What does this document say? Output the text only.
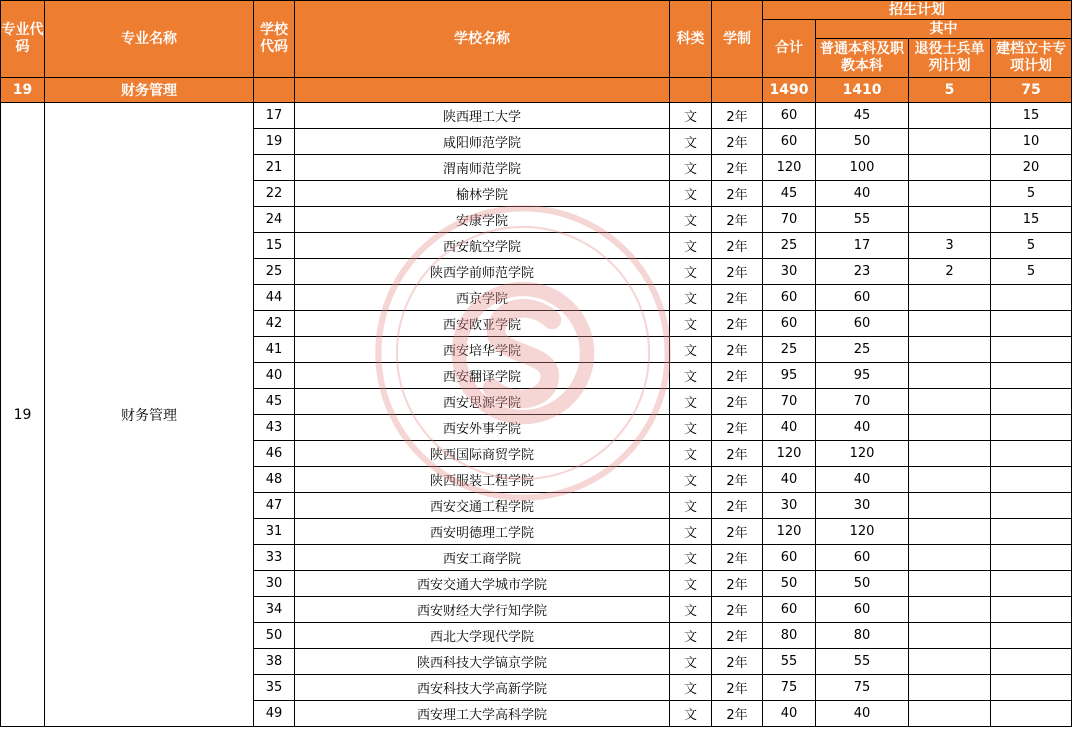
专业代码	专业名称	学校代码	学校名称	科类	学制	招生计划			
						合计	其中		
							普通本科及职教本科	退役士兵单列计划	建档立卡专项计划
19	财务管理					1490	1410	5	75
19	财务管理	17	陕西理工大学	文	2年	60	45		15
		19	咸阳师范学院	文	2年	60	50		10
		21	渭南师范学院	文	2年	120	100		20
		22	榆林学院	文	2年	45	40		5
		24	安康学院	文	2年	70	55		15
		15	西安航空学院	文	2年	25	17	3	5
		25	陕西学前师范学院	文	2年	30	23	2	5
		44	西京学院	文	2年	60	60		
		42	西安欧亚学院	文	2年	60	60		
		41	西安培华学院	文	2年	25	25		
		40	西安翻译学院	文	2年	95	95		
		45	西安思源学院	文	2年	70	70		
		43	西安外事学院	文	2年	40	40		
		46	陕西国际商贸学院	文	2年	120	120		
		48	陕西服装工程学院	文	2年	40	40		
		47	西安交通工程学院	文	2年	30	30		
		31	西安明德理工学院	文	2年	120	120		
		33	西安工商学院	文	2年	60	60		
		30	西安交通大学城市学院	文	2年	50	50		
		34	西安财经大学行知学院	文	2年	60	60		
		50	西北大学现代学院	文	2年	80	80		
		38	陕西科技大学镐京学院	文	2年	55	55		
		35	西安科技大学高新学院	文	2年	75	75		
		49	西安理工大学高科学院	文	2年	40	40		
